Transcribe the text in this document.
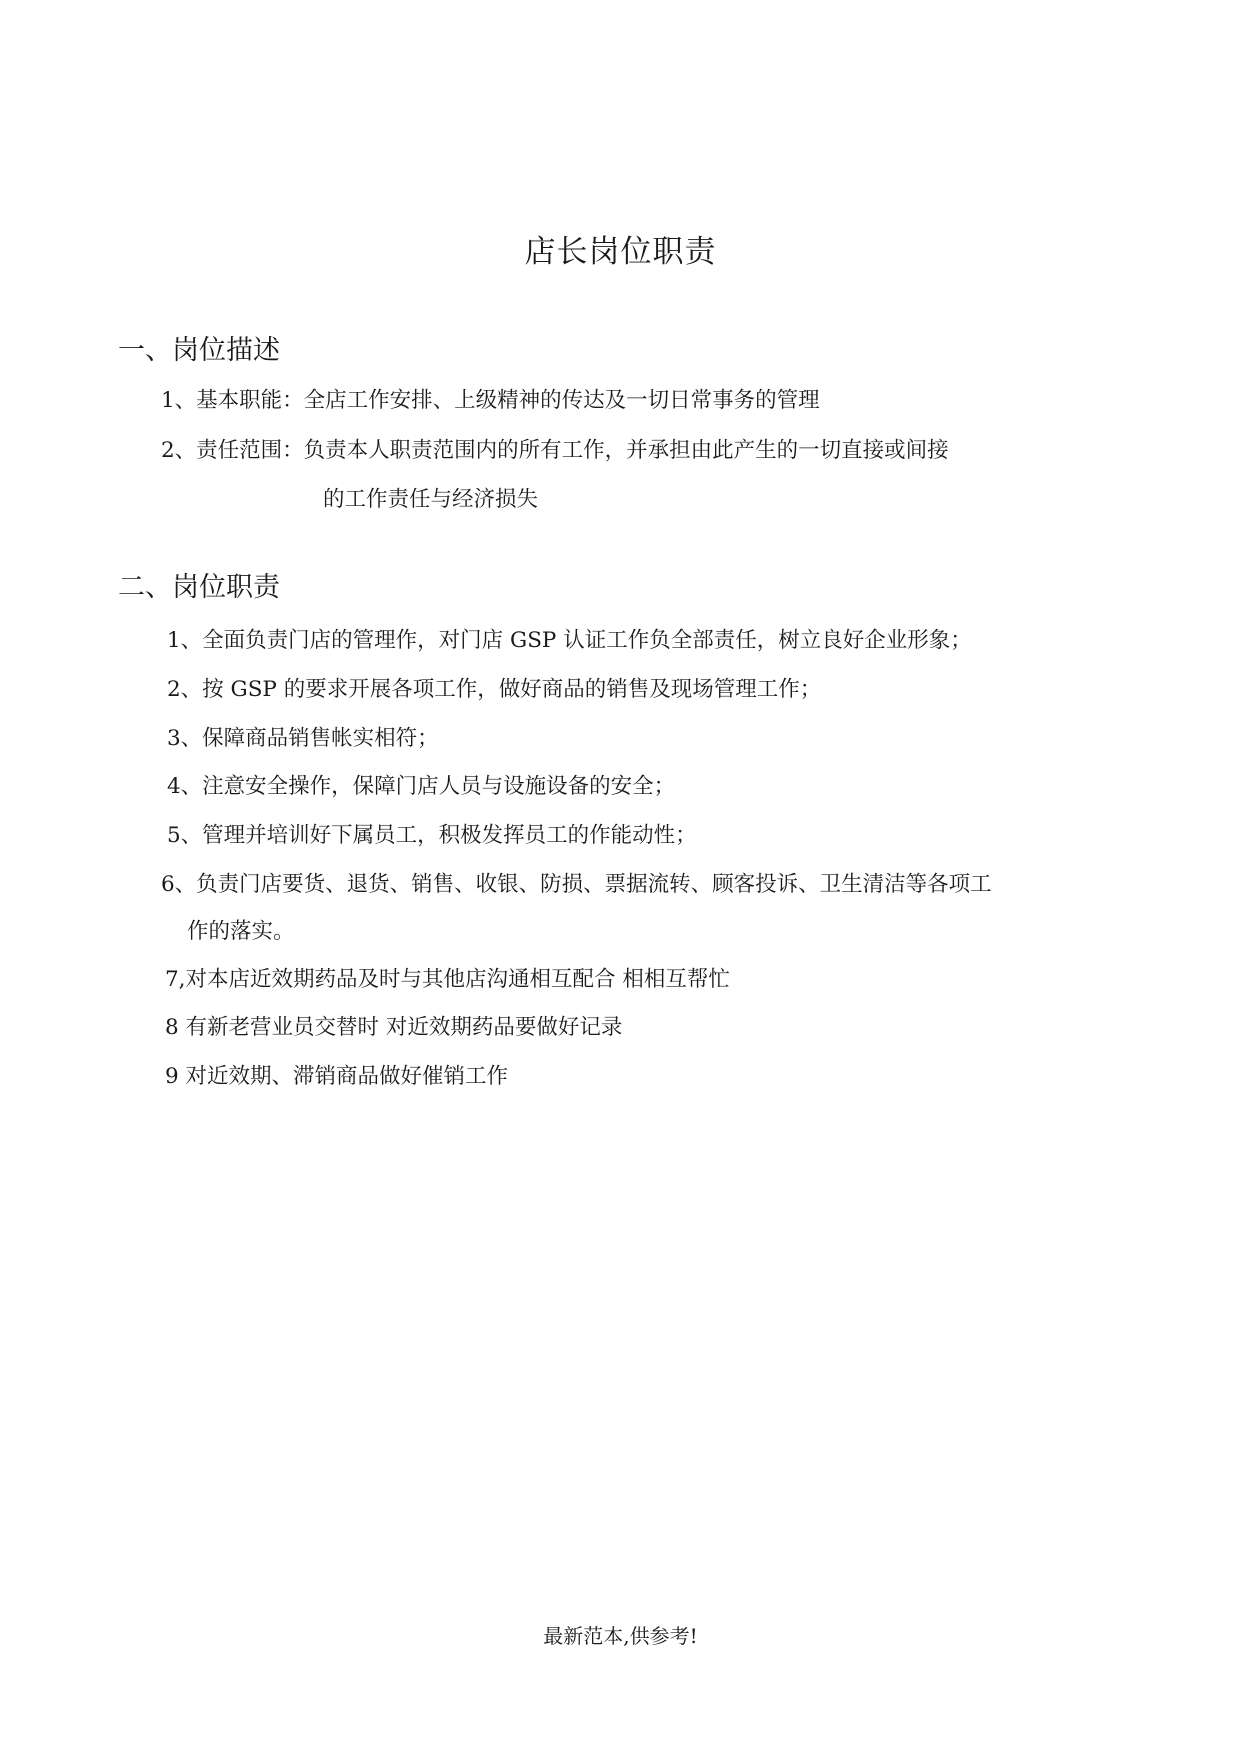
店长岗位职责
一、岗位描述
1、基本职能：全店工作安排、上级精神的传达及一切日常事务的管理
2、责任范围：负责本人职责范围内的所有工作，并承担由此产生的一切直接或间接
的工作责任与经济损失
二、岗位职责
1、全面负责门店的管理作，对门店 GSP 认证工作负全部责任，树立良好企业形象；
2、按 GSP 的要求开展各项工作，做好商品的销售及现场管理工作；
3、保障商品销售帐实相符；
4、注意安全操作，保障门店人员与设施设备的安全；
5、管理并培训好下属员工，积极发挥员工的作能动性；
6、负责门店要货、退货、销售、收银、防损、票据流转、顾客投诉、卫生清洁等各项工
作的落实。
7,对本店近效期药品及时与其他店沟通相互配合 相相互帮忙
8 有新老营业员交替时 对近效期药品要做好记录
9 对近效期、滞销商品做好催销工作
最新范本,供参考!
